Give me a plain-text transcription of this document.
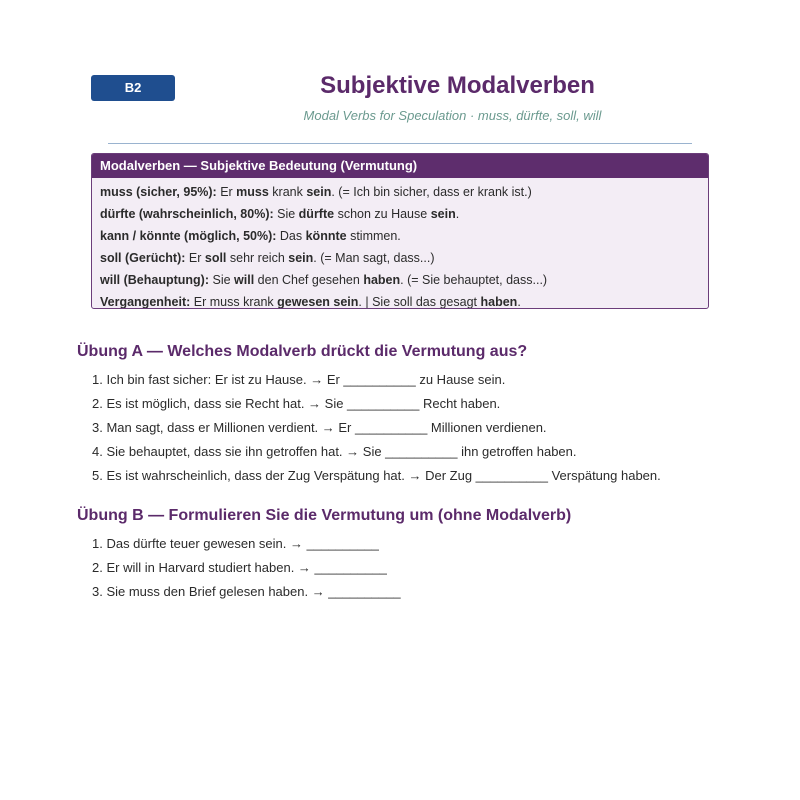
B2	Subjektive Modalverben

Modal Verbs for Speculation · muss, dürfte, soll, will

Modalverben — Subjektive Bedeutung (Vermutung)
muss (sicher, 95%): Er muss krank sein. (= Ich bin sicher, dass er krank ist.)
dürfte (wahrscheinlich, 80%): Sie dürfte schon zu Hause sein.
kann / könnte (möglich, 50%): Das könnte stimmen.
soll (Gerücht): Er soll sehr reich sein. (= Man sagt, dass...)
will (Behauptung): Sie will den Chef gesehen haben. (= Sie behauptet, dass...)
Vergangenheit: Er muss krank gewesen sein. | Sie soll das gesagt haben.
Übung A — Welches Modalverb drückt die Vermutung aus?
1. Ich bin fast sicher: Er ist zu Hause. → Er __________ zu Hause sein.
2. Es ist möglich, dass sie Recht hat. → Sie __________ Recht haben.
3. Man sagt, dass er Millionen verdient. → Er __________ Millionen verdienen.
4. Sie behauptet, dass sie ihn getroffen hat. → Sie __________ ihn getroffen haben.
5. Es ist wahrscheinlich, dass der Zug Verspätung hat. → Der Zug __________ Verspätung haben.
Übung B — Formulieren Sie die Vermutung um (ohne Modalverb)
1. Das dürfte teuer gewesen sein. → __________
2. Er will in Harvard studiert haben. → __________
3. Sie muss den Brief gelesen haben. → __________
